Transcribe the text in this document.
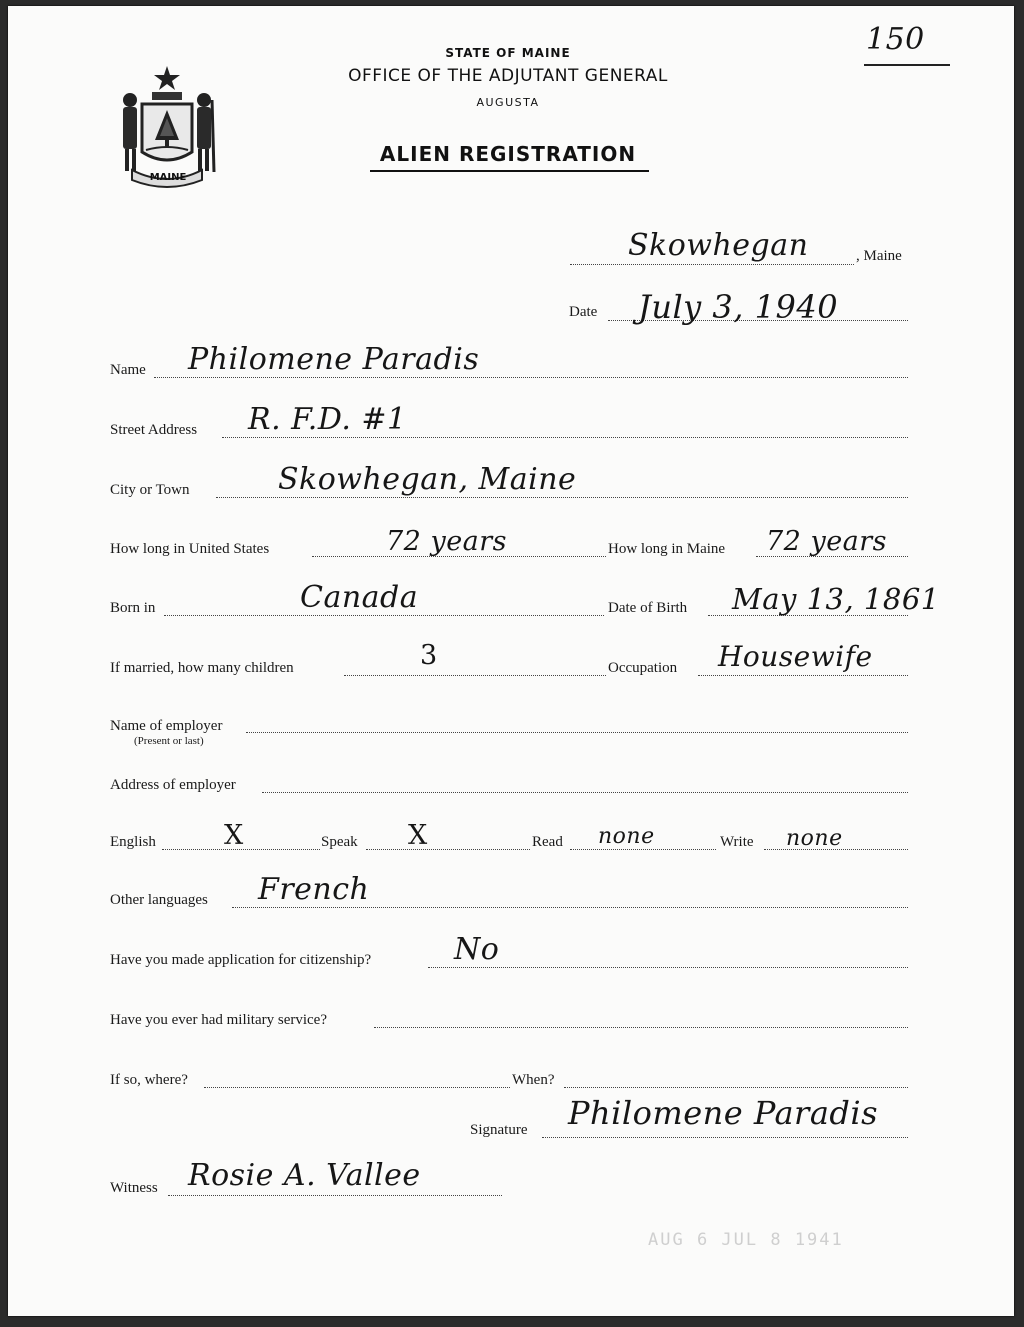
MAINE
STATE OF MAINE
OFFICE OF THE ADJUTANT GENERAL
AUGUSTA
ALIEN REGISTRATION
150
Skowhegan	, Maine
Date July 3, 1940
Name Philomene Paradis
Street Address R. F.D. #1
City or Town	Skowhegan, Maine
How long in United States	72 years	How long in Maine 72 years
Born in	Canada	Date of Birth May 13, 1861
If married, how many children	3	Occupation Housewife
Name of employer
(Present or last)
Address of employer
English	X	Speak X	Read none	Write none
Other languages French
Have you made application for citizenship?	No
Have you ever had military service?
If so, where?	When?
Signature Philomene Paradis
Witness Rosie A. Vallee
AUG 6 JUL 8 1941
